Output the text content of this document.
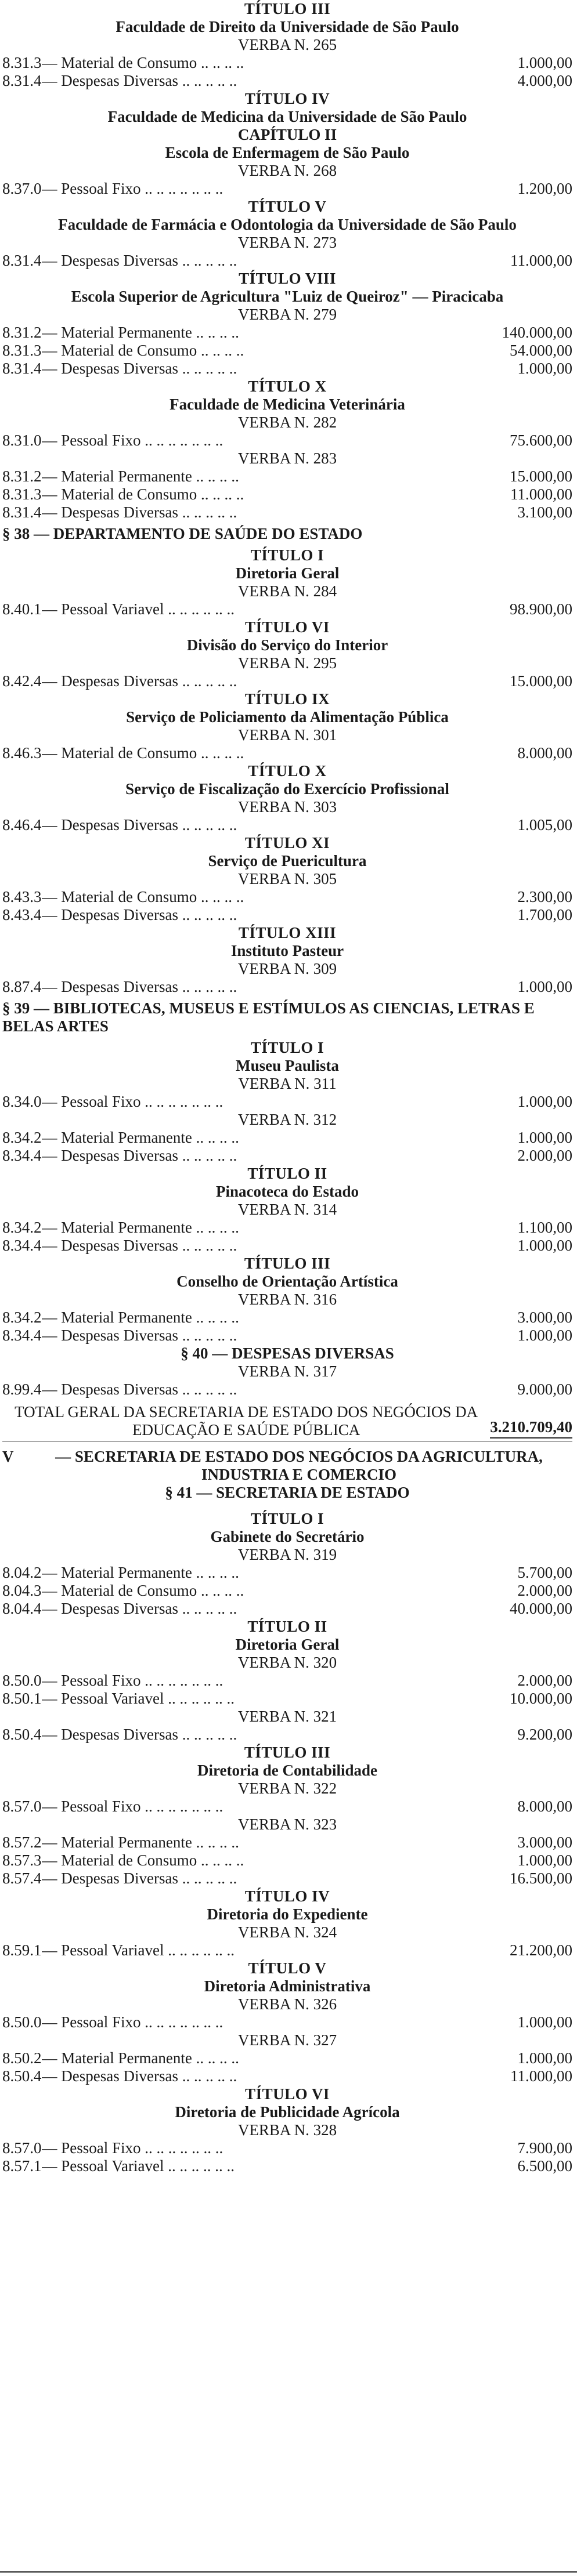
TÍTULO III
Faculdade de Direito da Universidade de São Paulo
VERBA N. 265
8.31.3 — Material de Consumo .. .. .. ..	1.000,00
8.31.4 — Despesas Diversas .. .. .. .. ..	4.000,00
TÍTULO IV
Faculdade de Medicina da Universidade de São Paulo
CAPÍTULO II
Escola de Enfermagem de São Paulo
VERBA N. 268
8.37.0 — Pessoal Fixo .. .. .. .. .. .. ..	1.200,00
TÍTULO V
Faculdade de Farmácia e Odontologia da Universidade de São Paulo
VERBA N. 273
8.31.4 — Despesas Diversas .. .. .. .. ..	11.000,00
TÍTULO VIII
Escola Superior de Agricultura "Luiz de Queiroz" — Piracicaba
VERBA N. 279
8.31.2 — Material Permanente .. .. .. ..	140.000,00
8.31.3 — Material de Consumo .. .. .. ..	54.000,00
8.31.4 — Despesas Diversas .. .. .. .. ..	1.000,00
TÍTULO X
Faculdade de Medicina Veterinária
VERBA N. 282
8.31.0 — Pessoal Fixo .. .. .. .. .. .. ..	75.600,00
VERBA N. 283
8.31.2 — Material Permanente .. .. .. ..	15.000,00
8.31.3 — Material de Consumo .. .. .. ..	11.000,00
8.31.4 — Despesas Diversas .. .. .. .. ..	3.100,00
§ 38 — DEPARTAMENTO DE SAÚDE DO ESTADO
TÍTULO I
Diretoria Geral
VERBA N. 284
8.40.1 — Pessoal Variavel .. .. .. .. .. ..	98.900,00
TÍTULO VI
Divisão do Serviço do Interior
VERBA N. 295
8.42.4 — Despesas Diversas .. .. .. .. ..	15.000,00
TÍTULO IX
Serviço de Policiamento da Alimentação Pública
VERBA N. 301
8.46.3 — Material de Consumo .. .. .. ..	8.000,00
TÍTULO X
Serviço de Fiscalização do Exercício Profissional
VERBA N. 303
8.46.4 — Despesas Diversas .. .. .. .. ..	1.005,00
TÍTULO XI
Serviço de Puericultura
VERBA N. 305
8.43.3 — Material de Consumo .. .. .. ..	2.300,00
8.43.4 — Despesas Diversas .. .. .. .. ..	1.700,00
TÍTULO XIII
Instituto Pasteur
VERBA N. 309
8.87.4 — Despesas Diversas .. .. .. .. ..	1.000,00
§ 39 — BIBLIOTECAS, MUSEUS E ESTÍMULOS AS CIENCIAS, LETRAS E BELAS ARTES
TÍTULO I
Museu Paulista
VERBA N. 311
8.34.0 — Pessoal Fixo .. .. .. .. .. .. ..	1.000,00
VERBA N. 312
8.34.2 — Material Permanente .. .. .. ..	1.000,00
8.34.4 — Despesas Diversas .. .. .. .. ..	2.000,00
TÍTULO II
Pinacoteca do Estado
VERBA N. 314
8.34.2 — Material Permanente .. .. .. ..	1.100,00
8.34.4 — Despesas Diversas .. .. .. .. ..	1.000,00
TÍTULO III
Conselho de Orientação Artística
VERBA N. 316
8.34.2 — Material Permanente .. .. .. ..	3.000,00
8.34.4 — Despesas Diversas .. .. .. .. ..	1.000,00
§ 40 — DESPESAS DIVERSAS
VERBA N. 317
8.99.4 — Despesas Diversas .. .. .. .. ..	9.000,00
TOTAL GERAL DA SECRETARIA DE ESTADO DOS NEGÓCIOS DA EDUCAÇÃO E SAÚDE PÚBLICA	3.210.709,40
V	— SECRETARIA DE ESTADO DOS NEGÓCIOS DA AGRICULTURA, INDUSTRIA E COMERCIO
§ 41 — SECRETARIA DE ESTADO
TÍTULO I
Gabinete do Secretário
VERBA N. 319
8.04.2 — Material Permanente .. .. .. ..	5.700,00
8.04.3 — Material de Consumo .. .. .. ..	2.000,00
8.04.4 — Despesas Diversas .. .. .. .. ..	40.000,00
TÍTULO II
Diretoria Geral
VERBA N. 320
8.50.0 — Pessoal Fixo .. .. .. .. .. .. ..	2.000,00
8.50.1 — Pessoal Variavel .. .. .. .. .. ..	10.000,00
VERBA N. 321
8.50.4 — Despesas Diversas .. .. .. .. ..	9.200,00
TÍTULO III
Diretoria de Contabilidade
VERBA N. 322
8.57.0 — Pessoal Fixo .. .. .. .. .. .. ..	8.000,00
VERBA N. 323
8.57.2 — Material Permanente .. .. .. ..	3.000,00
8.57.3 — Material de Consumo .. .. .. ..	1.000,00
8.57.4 — Despesas Diversas .. .. .. .. ..	16.500,00
TÍTULO IV
Diretoria do Expediente
VERBA N. 324
8.59.1 — Pessoal Variavel .. .. .. .. .. ..	21.200,00
TÍTULO V
Diretoria Administrativa
VERBA N. 326
8.50.0 — Pessoal Fixo .. .. .. .. .. .. ..	1.000,00
VERBA N. 327
8.50.2 — Material Permanente .. .. .. ..	1.000,00
8.50.4 — Despesas Diversas .. .. .. .. ..	11.000,00
TÍTULO VI
Diretoria de Publicidade Agrícola
VERBA N. 328
8.57.0 — Pessoal Fixo .. .. .. .. .. .. ..	7.900,00
8.57.1 — Pessoal Variavel .. .. .. .. .. ..	6.500,00
